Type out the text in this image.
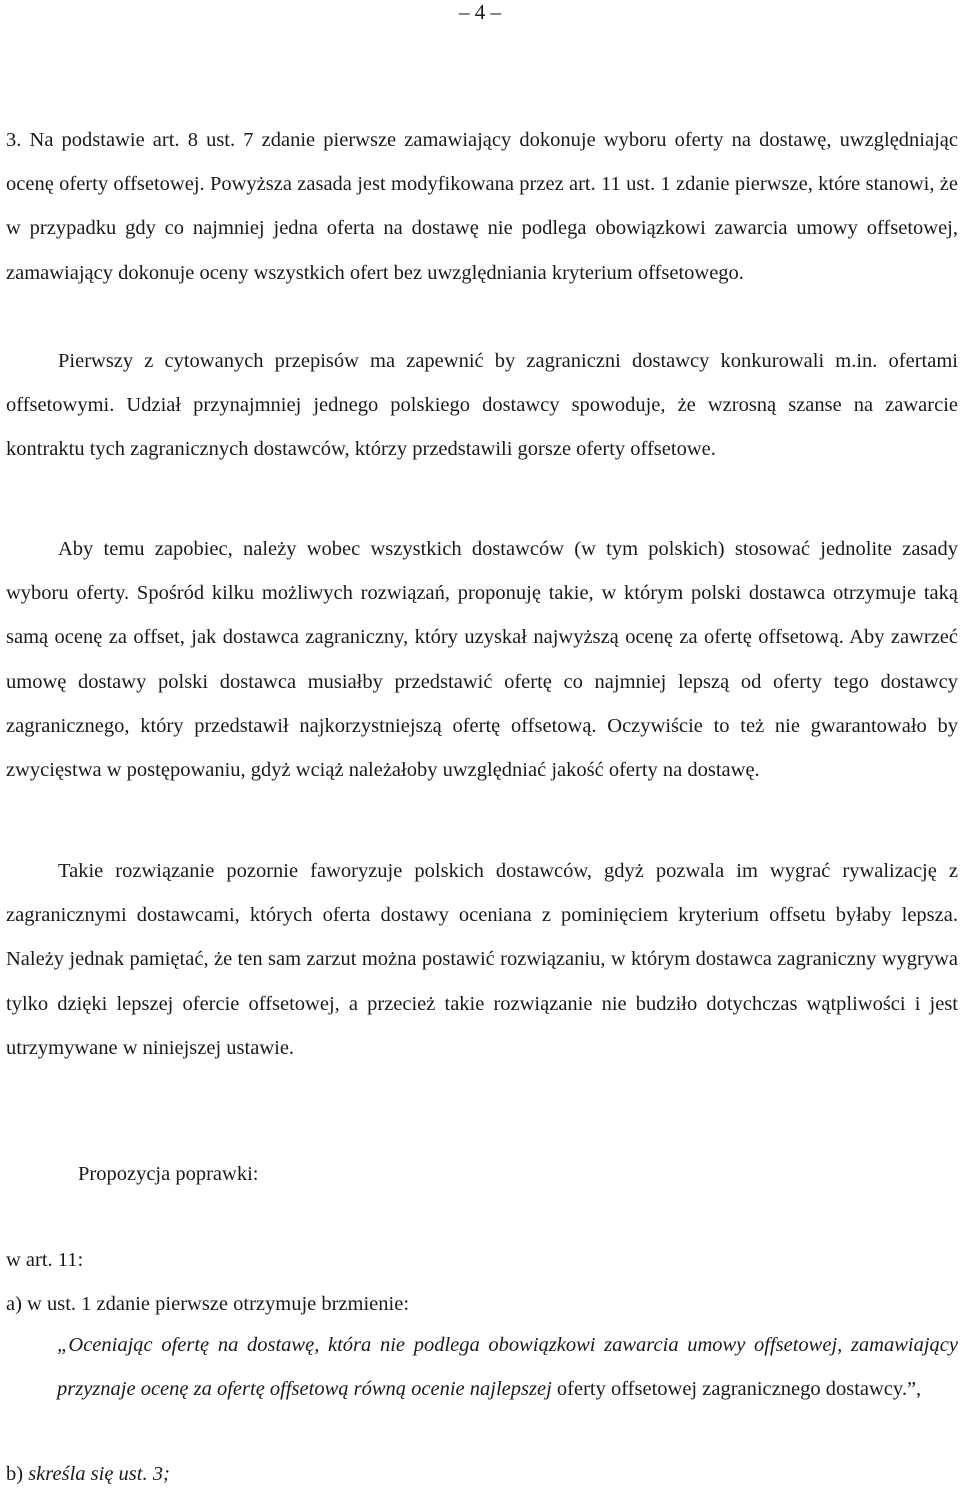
– 4 –

3. Na podstawie art. 8 ust. 7 zdanie pierwsze zamawiający dokonuje wyboru oferty na dostawę, uwzględniając ocenę oferty offsetowej. Powyższa zasada jest modyfikowana przez art. 11 ust. 1 zdanie pierwsze, które stanowi, że w przypadku gdy co najmniej jedna oferta na dostawę nie podlega obowiązkowi zawarcia umowy offsetowej, zamawiający dokonuje oceny wszystkich ofert bez uwzględniania kryterium offsetowego.

Pierwszy z cytowanych przepisów ma zapewnić by zagraniczni dostawcy konkurowali m.in. ofertami offsetowymi. Udział przynajmniej jednego polskiego dostawcy spowoduje, że wzrosną szanse na zawarcie kontraktu tych zagranicznych dostawców, którzy przedstawili gorsze oferty offsetowe.

Aby temu zapobiec, należy wobec wszystkich dostawców (w tym polskich) stosować jednolite zasady wyboru oferty. Spośród kilku możliwych rozwiązań, proponuję takie, w którym polski dostawca otrzymuje taką samą ocenę za offset, jak dostawca zagraniczny, który uzyskał najwyższą ocenę za ofertę offsetową. Aby zawrzeć umowę dostawy polski dostawca musiałby przedstawić ofertę co najmniej lepszą od oferty tego dostawcy zagranicznego, który przedstawił najkorzystniejszą ofertę offsetową. Oczywiście to też nie gwarantowało by zwycięstwa w postępowaniu, gdyż wciąż należałoby uwzględniać jakość oferty na dostawę.

Takie rozwiązanie pozornie faworyzuje polskich dostawców, gdyż pozwala im wygrać rywalizację z zagranicznymi dostawcami, których oferta dostawy oceniana z pominięciem kryterium offsetu byłaby lepsza. Należy jednak pamiętać, że ten sam zarzut można postawić rozwiązaniu, w którym dostawca zagraniczny wygrywa tylko dzięki lepszej ofercie offsetowej, a przecież takie rozwiązanie nie budziło dotychczas wątpliwości i jest utrzymywane w niniejszej ustawie.

Propozycja poprawki:

w art. 11:

a) w ust. 1 zdanie pierwsze otrzymuje brzmienie:

„Oceniając ofertę na dostawę, która nie podlega obowiązkowi zawarcia umowy offsetowej, zamawiający przyznaje ocenę za ofertę offsetową równą ocenie najlepszej oferty offsetowej zagranicznego dostawcy.”,

b) skreśla się ust. 3;
